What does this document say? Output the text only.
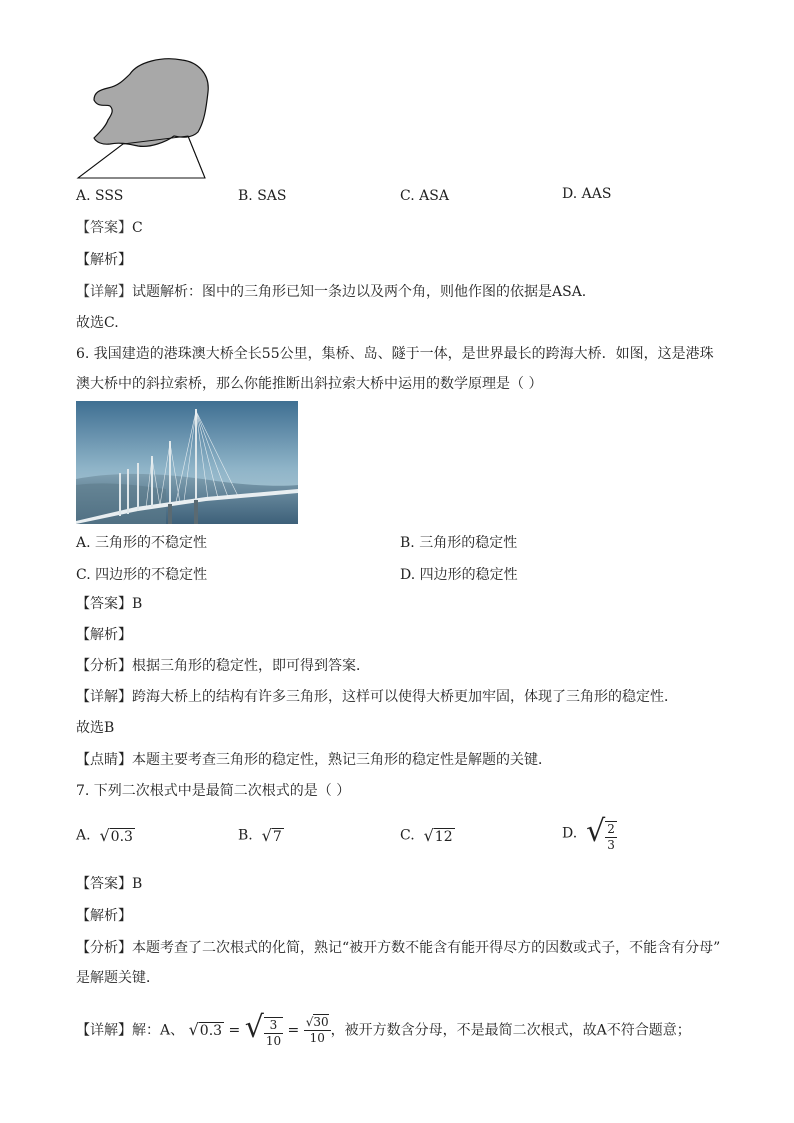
A. SSS	B. SAS	C. ASA	D. AAS
【答案】C
【解析】
【详解】试题解析：图中的三角形已知一条边以及两个角，则他作图的依据是ASA.
故选C.
6. 我国建造的港珠澳大桥全长55公里，集桥、岛、隧于一体，是世界最长的跨海大桥．如图，这是港珠
澳大桥中的斜拉索桥，那么你能推断出斜拉索大桥中运用的数学原理是（ ）
A. 三角形的不稳定性	B. 三角形的稳定性
C. 四边形的不稳定性	D. 四边形的稳定性
【答案】B
【解析】
【分析】根据三角形的稳定性，即可得到答案．
【详解】跨海大桥上的结构有许多三角形，这样可以使得大桥更加牢固，体现了三角形的稳定性．
故选B
【点睛】本题主要考查三角形的稳定性，熟记三角形的稳定性是解题的关键．
7. 下列二次根式中是最简二次根式的是（ ）
A. √0.3	B. √7	C. √12	D. √ $\frac{2}{3}$
【答案】B
【解析】
【分析】本题考查了二次根式的化简，熟记“被开方数不能含有能开得尽方的因数或式子，不能含有分母”
是解题关键．
【详解】解：A、 √0.3 = √ $\frac{3}{10} = \frac{√30}{10}$ ，被开方数含分母，不是最简二次根式，故A不符合题意；
